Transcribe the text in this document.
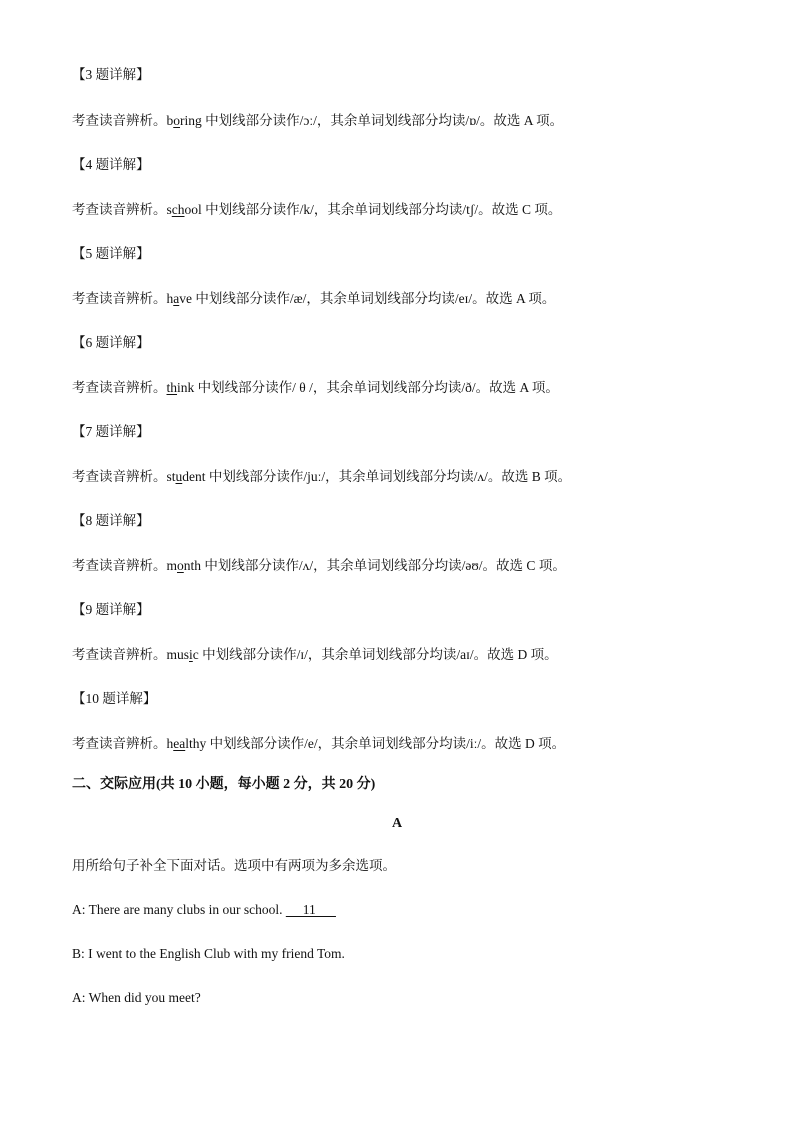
【3 题详解】
考查读音辨析。boring 中划线部分读作/ɔː/，其余单词划线部分均读/ɒ/。故选 A 项。
【4 题详解】
考查读音辨析。school 中划线部分读作/k/，其余单词划线部分均读/tʃ/。故选 C 项。
【5 题详解】
考查读音辨析。have 中划线部分读作/æ/，其余单词划线部分均读/eɪ/。故选 A 项。
【6 题详解】
考查读音辨析。think 中划线部分读作/ θ /，其余单词划线部分均读/ð/。故选 A 项。
【7 题详解】
考查读音辨析。student 中划线部分读作/juː/，其余单词划线部分均读/ʌ/。故选 B 项。
【8 题详解】
考查读音辨析。month 中划线部分读作/ʌ/，其余单词划线部分均读/əʊ/。故选 C 项。
【9 题详解】
考查读音辨析。music 中划线部分读作/ɪ/，其余单词划线部分均读/aɪ/。故选 D 项。
【10 题详解】
考查读音辨析。healthy 中划线部分读作/e/，其余单词划线部分均读/iː/。故选 D 项。
二、交际应用(共 10 小题，每小题 2 分，共 20 分)
A
用所给句子补全下面对话。选项中有两项为多余选项。
A: There are many clubs in our school.      11
B: I went to the English Club with my friend Tom.
A: When did you meet?
